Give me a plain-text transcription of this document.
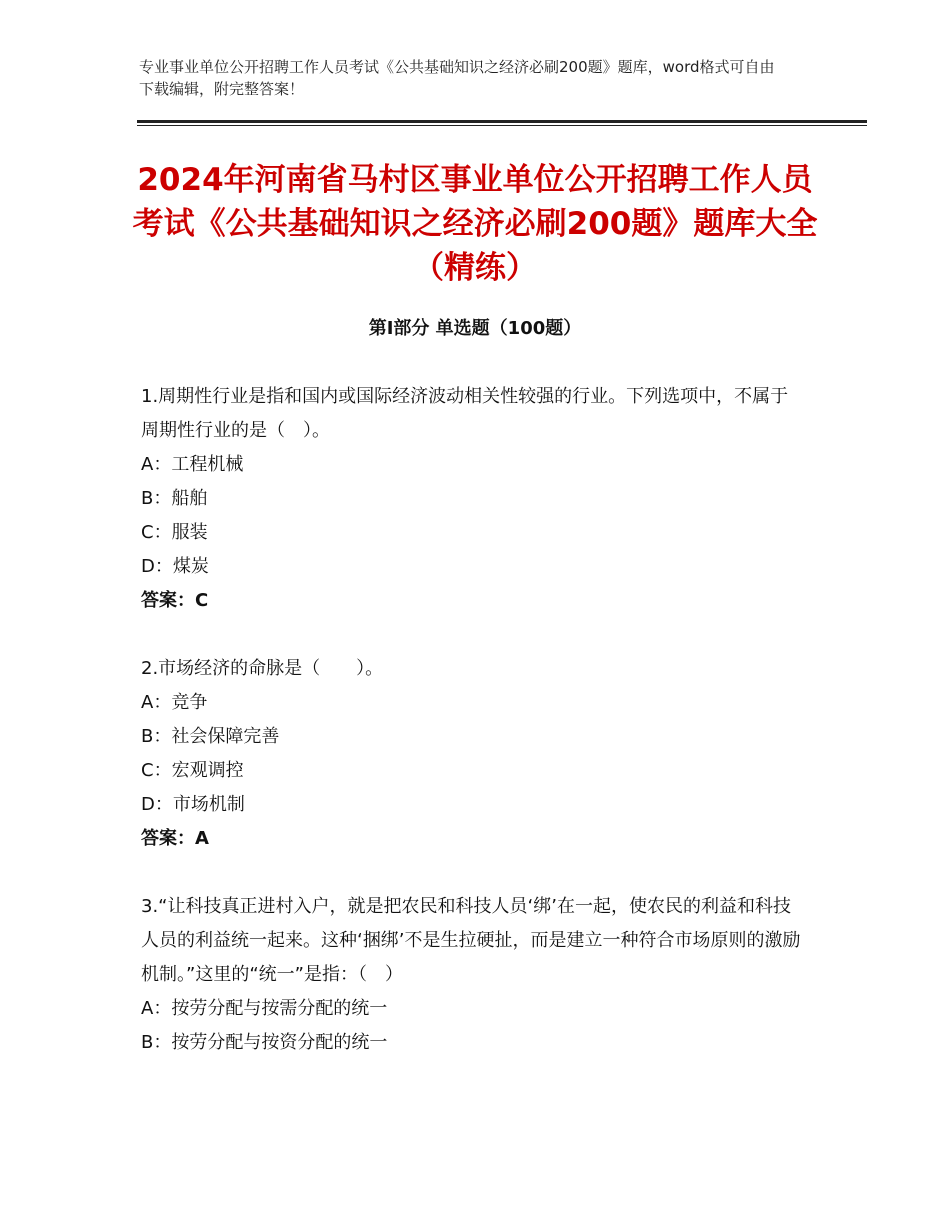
专业事业单位公开招聘工作人员考试《公共基础知识之经济必刷200题》题库，word格式可自由下载编辑，附完整答案！
2024年河南省马村区事业单位公开招聘工作人员考试《公共基础知识之经济必刷200题》题库大全（精练）
第Ⅰ部分 单选题（100题）

1.周期性行业是指和国内或国际经济波动相关性较强的行业。下列选项中，不属于周期性行业的是（　）。

A：工程机械

B：船舶

C：服装

D：煤炭

答案：C

2.市场经济的命脉是（　　）。

A：竞争

B：社会保障完善

C：宏观调控

D：市场机制

答案：A

3.“让科技真正进村入户，就是把农民和科技人员‘绑’在一起，使农民的利益和科技人员的利益统一起来。这种‘捆绑’不是生拉硬扯，而是建立一种符合市场原则的激励机制。”这里的“统一”是指：（　）

A：按劳分配与按需分配的统一

B：按劳分配与按资分配的统一
